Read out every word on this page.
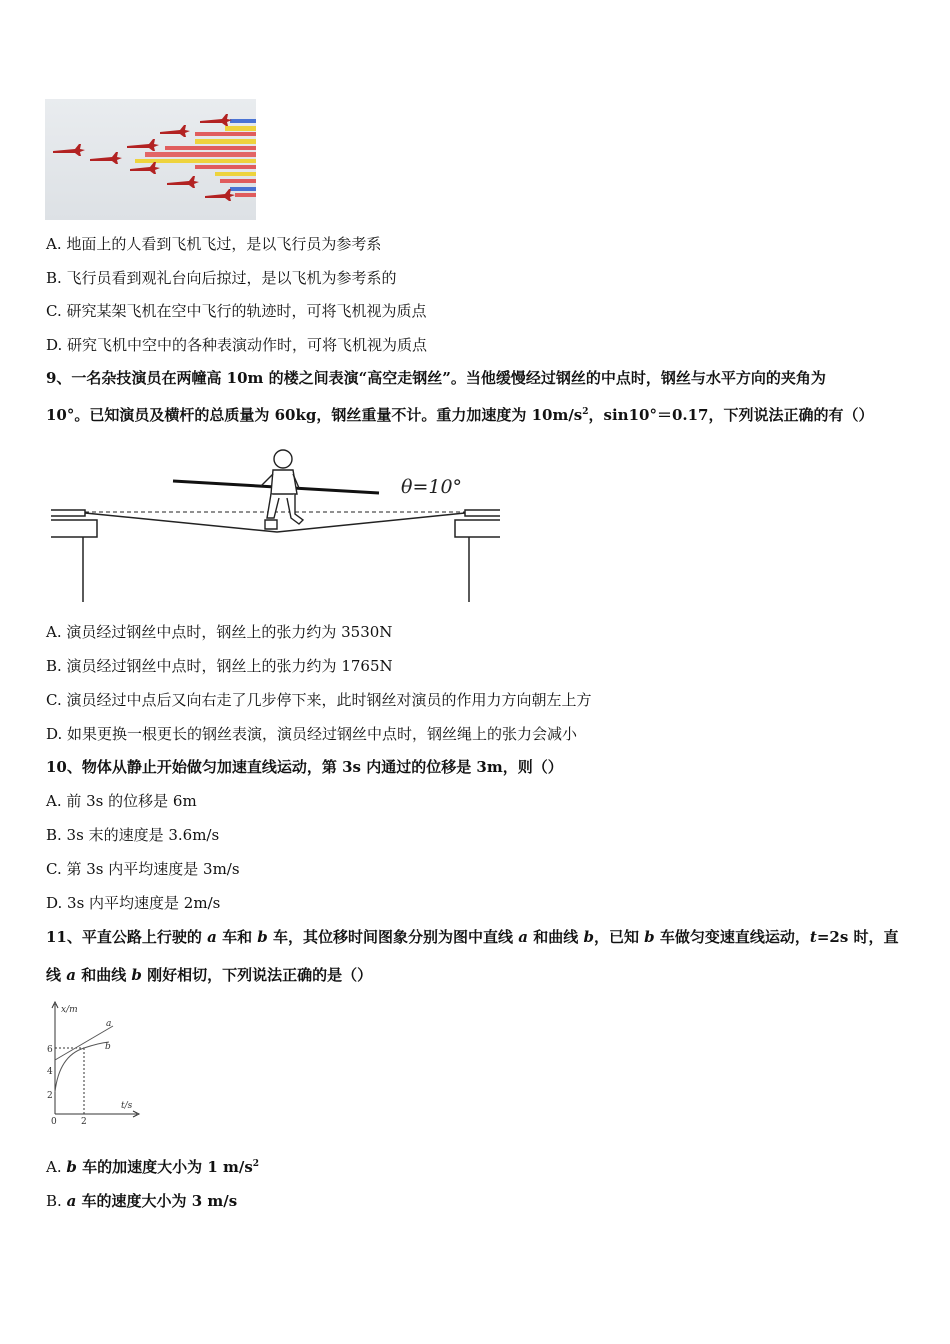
A. 地面上的人看到飞机飞过，是以飞行员为参考系
B. 飞行员看到观礼台向后掠过，是以飞机为参考系的
C. 研究某架飞机在空中飞行的轨迹时，可将飞机视为质点
D. 研究飞机中空中的各种表演动作时，可将飞机视为质点
9、一名杂技演员在两幢高 10m 的楼之间表演“高空走钢丝”。当他缓慢经过钢丝的中点时，钢丝与水平方向的夹角为
10°。已知演员及横杆的总质量为 60kg，钢丝重量不计。重力加速度为 $10m/s^2$，sin10°＝0.17，下列说法正确的有（）
θ=10°
A. 演员经过钢丝中点时，钢丝上的张力约为 3530N
B. 演员经过钢丝中点时，钢丝上的张力约为 1765N
C. 演员经过中点后又向右走了几步停下来，此时钢丝对演员的作用力方向朝左上方
D. 如果更换一根更长的钢丝表演，演员经过钢丝中点时，钢丝绳上的张力会减小
10、物体从静止开始做匀加速直线运动，第 3s 内通过的位移是 3m，则（）
A. 前 3s 的位移是 6m
B. 3s 末的速度是 3.6m/s
C. 第 3s 内平均速度是 3m/s
D. 3s 内平均速度是 2m/s
11、平直公路上行驶的 a 车和 b 车，其位移时间图象分别为图中直线 a 和曲线 b，已知 b 车做匀变速直线运动，t=2s 时，直
线 a 和曲线 b 刚好相切，下列说法正确的是（）
x/m
t/s
6
4
2
0	2
a
b
A. b 车的加速度大小为 1 $m/s^2$
B. a 车的速度大小为 3 m/s
